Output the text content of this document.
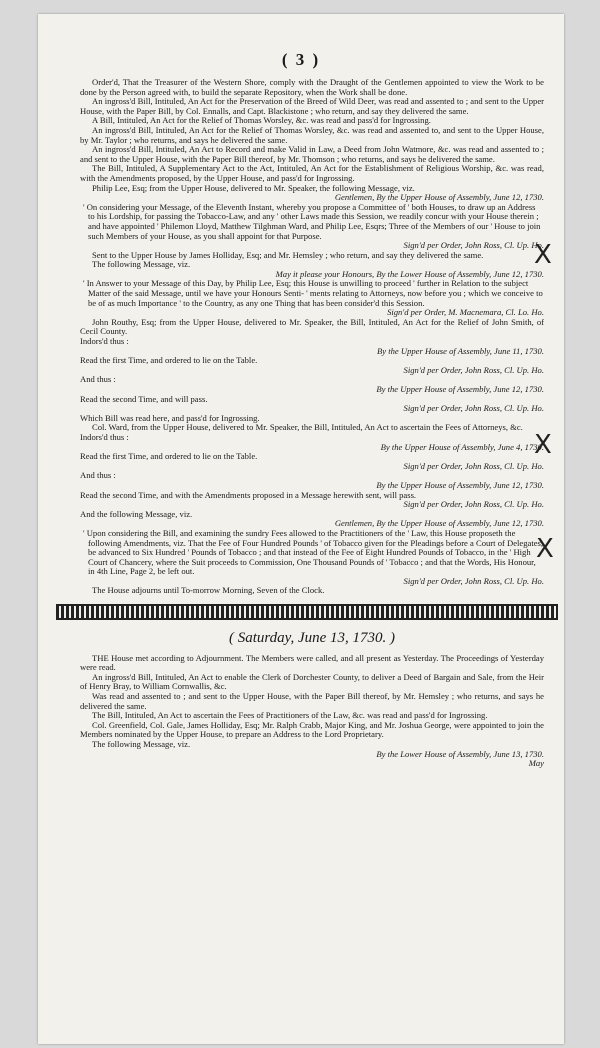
( 3 )

Order'd, That the Treasurer of the Western Shore, comply with the Draught of the Gentlemen appointed to view the Work to be done by the Person agreed with, to build the separate Repository, when the Work shall be done.

An ingross'd Bill, Intituled, An Act for the Preservation of the Breed of Wild Deer, was read and assented to ; and sent to the Upper House, with the Paper Bill, by Col. Ennalls, and Capt. Blackistone ; who return, and say they delivered the same.

A Bill, Intituled, An Act for the Relief of Thomas Worsley, &c. was read and pass'd for Ingrossing.

An ingross'd Bill, Intituled, An Act for the Relief of Thomas Worsley, &c. was read and assented to, and sent to the Upper House, by Mr. Taylor ; who returns, and says he delivered the same.

An ingross'd Bill, Intituled, An Act to Record and make Valid in Law, a Deed from John Watmore, &c. was read and assented to ; and sent to the Upper House, with the Paper Bill thereof, by Mr. Thomson ; who returns, and says he delivered the same.

The Bill, Intituled, A Supplementary Act to the Act, Intituled, An Act for the Establishment of Religious Worship, &c. was read, with the Amendments proposed, by the Upper House, and pass'd for Ingrossing.

Philip Lee, Esq; from the Upper House, delivered to Mr. Speaker, the following Message, viz.

Gentlemen, By the Upper House of Assembly, June 12, 1730.

' On considering your Message, of the Eleventh Instant, whereby you propose a Committee of ' both Houses, to draw up an Address to his Lordship, for passing the Tobacco-Law, and any ' other Laws made this Session, we readily concur with your House therein ; and have appointed ' Philemon Lloyd, Matthew Tilghman Ward, and Philip Lee, Esqrs; Three of the Members of our ' House to join such Members of your House, as you shall appoint for that Purpose.

Sign'd per Order, John Ross, Cl. Up. Ho.

Sent to the Upper House by James Holliday, Esq; and Mr. Hemsley ; who return, and say they delivered the same.

The following Message, viz.

May it please your Honours, By the Lower House of Assembly, June 12, 1730.

' In Answer to your Message of this Day, by Philip Lee, Esq; this House is unwilling to proceed ' further in Relation to the subject Matter of the said Message, until we have your Honours Senti- ' ments relating to Attorneys, now before you ; which we conceive to be of as much Importance ' to the Country, as any one Thing that has been consider'd this Session.

Sign'd per Order, M. Macnemara, Cl. Lo. Ho.

John Routhy, Esq; from the Upper House, delivered to Mr. Speaker, the Bill, Intituled, An Act for the Relief of John Smith, of Cecil County.

Indors'd thus :

By the Upper House of Assembly, June 11, 1730.

Read the first Time, and ordered to lie on the Table.

Sign'd per Order, John Ross, Cl. Up. Ho.

And thus :

By the Upper House of Assembly, June 12, 1730.

Read the second Time, and will pass.

Sign'd per Order, John Ross, Cl. Up. Ho.

Which Bill was read here, and pass'd for Ingrossing.

Col. Ward, from the Upper House, delivered to Mr. Speaker, the Bill, Intituled, An Act to ascertain the Fees of Attorneys, &c.

Indors'd thus :

By the Upper House of Assembly, June 4, 1730.

Read the first Time, and ordered to lie on the Table.

Sign'd per Order, John Ross, Cl. Up. Ho.

And thus :

By the Upper House of Assembly, June 12, 1730.

Read the second Time, and with the Amendments proposed in a Message herewith sent, will pass.

Sign'd per Order, John Ross, Cl. Up. Ho.

And the following Message, viz.

Gentlemen, By the Upper House of Assembly, June 12, 1730.

' Upon considering the Bill, and examining the sundry Fees allowed to the Practitioners of the ' Law, this House proposeth the following Amendments, viz. That the Fee of Four Hundred Pounds ' of Tobacco given for the Pleadings before a Court of Delegates, be advanced to Six Hundred ' Pounds of Tobacco ; and that instead of the Fee of Eight Hundred Pounds of Tobacco, in the ' High Court of Chancery, where the Suit proceeds to Commission, One Thousand Pounds of ' Tobacco ; and that the Words, His Honour, in 4th Line, Page 2, be left out.

Sign'd per Order, John Ross, Cl. Up. Ho.

The House adjourns until To-morrow Morning, Seven of the Clock.

( Saturday, June 13, 1730. )

THE House met according to Adjournment. The Members were called, and all present as Yesterday. The Proceedings of Yesterday were read.

An ingross'd Bill, Intituled, An Act to enable the Clerk of Dorchester County, to deliver a Deed of Bargain and Sale, from the Heir of Henry Bray, to William Cornwallis, &c.

Was read and assented to ; and sent to the Upper House, with the Paper Bill thereof, by Mr. Hemsley ; who returns, and says he delivered the same.

The Bill, Intituled, An Act to ascertain the Fees of Practitioners of the Law, &c. was read and pass'd for Ingrossing.

Col. Greenfield, Col. Gale, James Holliday, Esq; Mr. Ralph Crabb, Major King, and Mr. Joshua George, were appointed to join the Members nominated by the Upper House, to prepare an Address to the Lord Proprietary.

The following Message, viz.

By the Lower House of Assembly, June 13, 1730.

May

X
X
X
